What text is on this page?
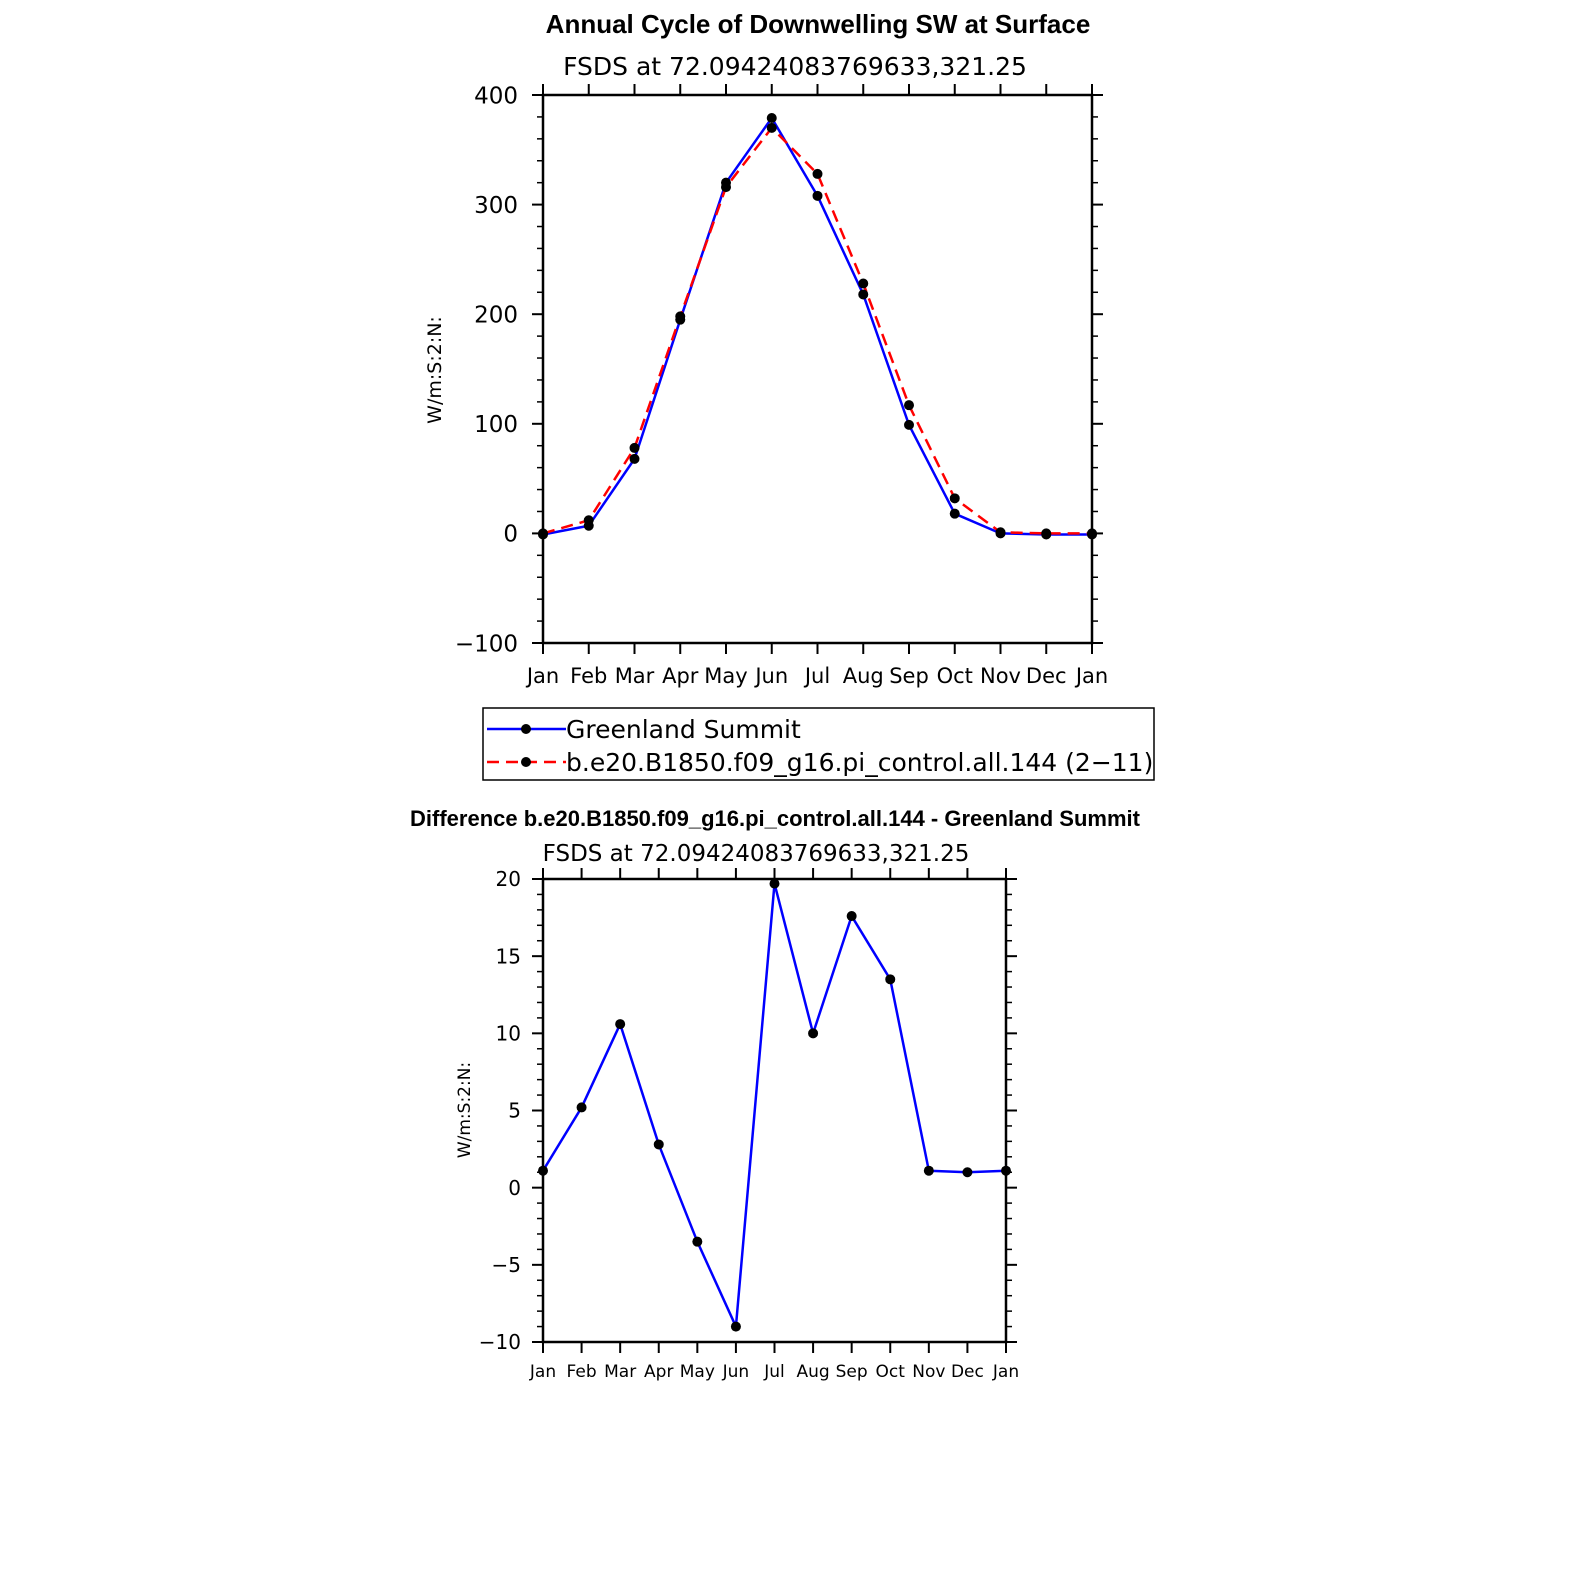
Annual Cycle of Downwelling SW at Surface
FSDS at 72.09424083769633,321.25
W/m:S:2:N:
Jan Feb Mar Apr May Jun Jul Aug Sep Oct Nov Dec Jan
−100
0
100
200
300
400
Greenland Summit
b.e20.B1850.f09_g16.pi_control.all.144 (2−11)
Difference b.e20.B1850.f09_g16.pi_control.all.144 - Greenland Summit
FSDS at 72.09424083769633,321.25
W/m:S:2:N:
Jan Feb Mar Apr May Jun Jul Aug Sep Oct Nov Dec Jan
−10
−5
0
5
10
15
20
